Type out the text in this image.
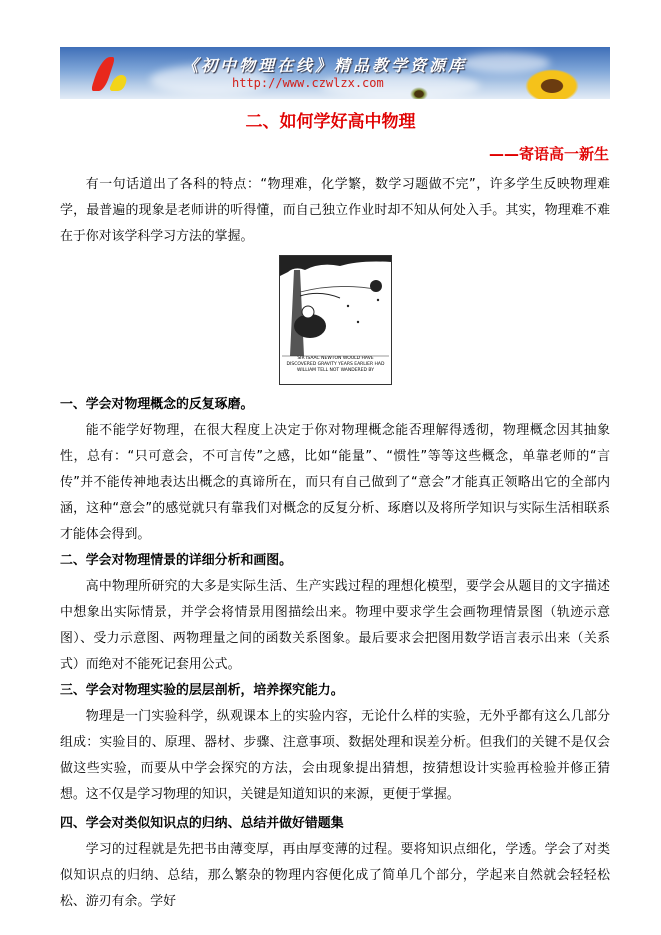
《初中物理在线》精品教学资源库
http://www.czwlzx.com
二、如何学好高中物理
——寄语高一新生

有一句话道出了各科的特点：“物理难，化学繁，数学习题做不完”，许多学生反映物理难学，最普遍的现象是老师讲的听得懂，而自己独立作业时却不知从何处入手。其实，物理难不难在于你对该学科学习方法的掌握。

SIR ISAAC NEWTON WOULD HAVE DISCOVERED GRAVITY YEARS EARLIER HAD WILLIAM TELL NOT WANDERED BY
一、学会对物理概念的反复琢磨。

能不能学好物理，在很大程度上决定于你对物理概念能否理解得透彻，物理概念因其抽象性，总有：“只可意会，不可言传”之感，比如“能量”、“惯性”等等这些概念，单靠老师的“言传”并不能传神地表达出概念的真谛所在，而只有自己做到了“意会”才能真正领略出它的全部内涵，这种“意会”的感觉就只有靠我们对概念的反复分析、琢磨以及将所学知识与实际生活相联系才能体会得到。

二、学会对物理情景的详细分析和画图。

高中物理所研究的大多是实际生活、生产实践过程的理想化模型，要学会从题目的文字描述中想象出实际情景，并学会将情景用图描绘出来。物理中要求学生会画物理情景图（轨迹示意图）、受力示意图、两物理量之间的函数关系图象。最后要求会把图用数学语言表示出来（关系式）而绝对不能死记套用公式。

三、学会对物理实验的层层剖析，培养探究能力。

物理是一门实验科学，纵观课本上的实验内容，无论什么样的实验，无外乎都有这么几部分组成：实验目的、原理、器材、步骤、注意事项、数据处理和误差分析。但我们的关键不是仅会做这些实验，而要从中学会探究的方法，会由现象提出猜想，按猜想设计实验再检验并修正猜想。这不仅是学习物理的知识，关键是知道知识的来源，更便于掌握。

四、学会对类似知识点的归纳、总结并做好错题集

学习的过程就是先把书由薄变厚，再由厚变薄的过程。要将知识点细化，学透。学会了对类似知识点的归纳、总结，那么繁杂的物理内容便化成了简单几个部分，学起来自然就会轻轻松松、游刃有余。学好
